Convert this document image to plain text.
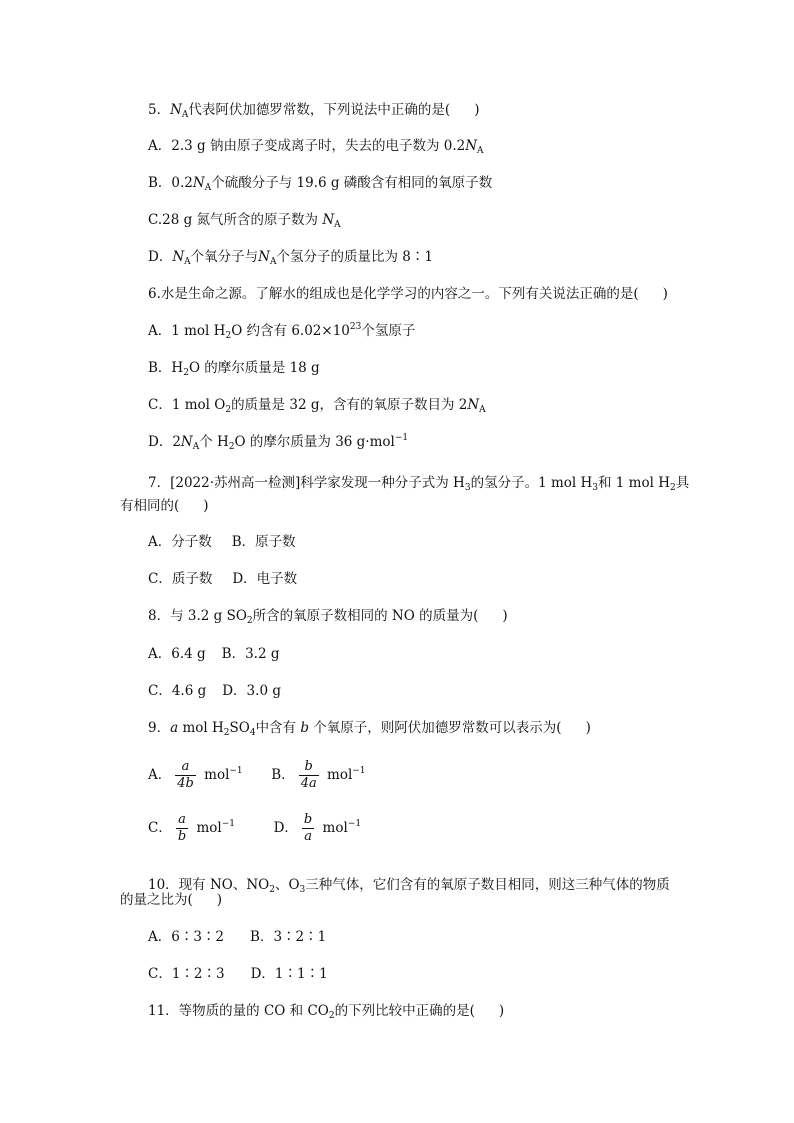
5．$N_A$代表阿伏加德罗常数，下列说法中正确的是( )
A．2.3 g 钠由原子变成离子时，失去的电子数为 $0.2N_A$
B．$0.2N_A$个硫酸分子与 19.6 g 磷酸含有相同的氧原子数
C.28 g 氮气所含的原子数为 $N_A$
D．$N_A$个氧分子与$N_A$个氢分子的质量比为 8∶1
6.水是生命之源。了解水的组成也是化学学习的内容之一。下列有关说法正确的是( )
A．1 mol $H_2O$ 约含有 $6.02\times 10^{23}$个氢原子
B．$H_2O$ 的摩尔质量是 18 g
C．1 mol $O_2$的质量是 32 g，含有的氧原子数目为 $2N_A$
D．$2N_A$个 $H_2O$ 的摩尔质量为 36 g·mol$^{-1}$
7．[2022·苏州高一检测]科学家发现一种分子式为 $H_3$的氢分子。1 mol $H_3$和 1 mol $H_2$具
有相同的( )
A．分子数 B．原子数
C．质子数 D．电子数
8．与 3.2 g $SO_2$所含的氧原子数相同的 NO 的质量为( )
A．6.4 g B．3.2 g
C．4.6 g D．3.0 g
9．a mol $H_2SO_4$中含有 b 个氧原子，则阿伏加德罗常数可以表示为( )
A． $\frac{a}{4b} mol^{-1}$ B． $\frac{b}{4a} mol^{-1}$
C． $\frac{a}{b} mol^{-1}$	D． $\frac{b}{a} mol^{-1}$
10．现有 NO、$NO_2$、$O_3$三种气体，它们含有的氧原子数目相同，则这三种气体的物质
的量之比为( )
A．6∶3∶2 B．3∶2∶1
C．1∶2∶3 D．1∶1∶1
11．等物质的量的 CO 和 $CO_2$的下列比较中正确的是( )
